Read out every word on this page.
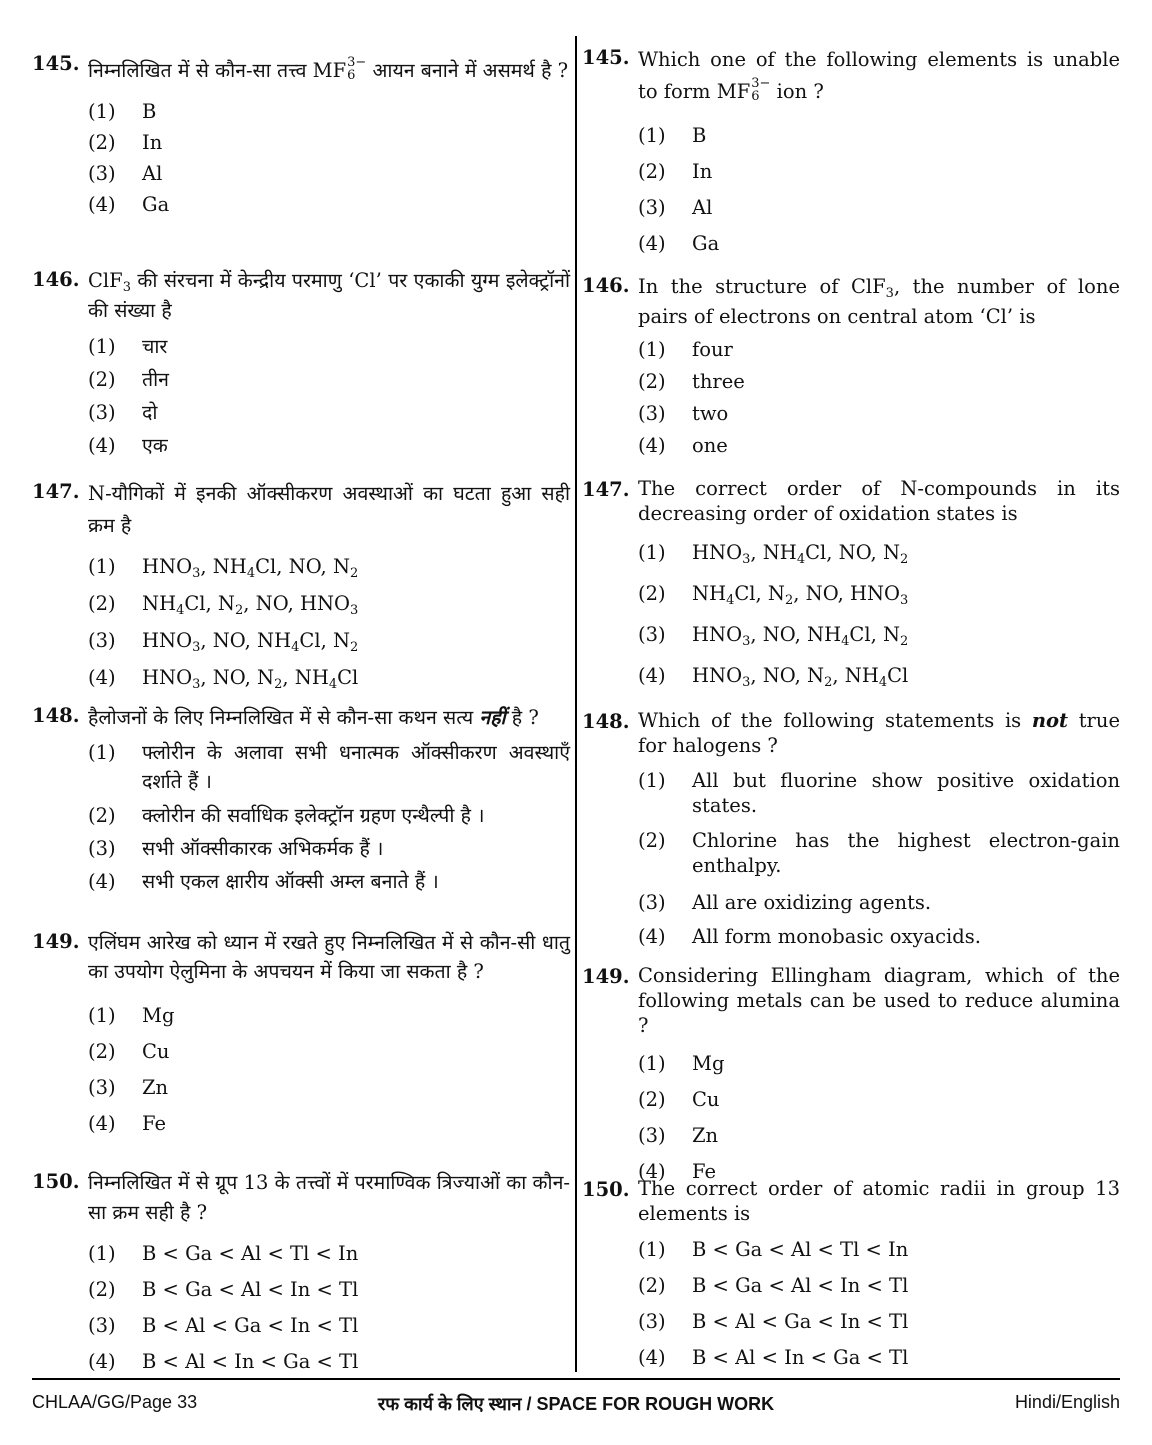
145. निम्नलिखित में से कौन-सा तत्त्व MF 3−
6 आयन बनाने में असमर्थ है ?
(1)	B
(2)	In
(3)	Al
(4)	Ga
146. ClF$_3$ की संरचना में केन्द्रीय परमाणु ‘Cl’ पर एकाकी युग्म इलेक्ट्रॉनों की संख्या है
(1)	चार
(2)	तीन
(3)	दो
(4)	एक
147. N-यौगिकों में इनकी ऑक्सीकरण अवस्थाओं का घटता हुआ सही क्रम है
(1)	$HNO_3$, $NH_4Cl$, NO, $N_2$
(2)	$NH_4Cl$, $N_2$, NO, $HNO_3$
(3)	$HNO_3$, NO, $NH_4Cl$, $N_2$
(4)	$HNO_3$, NO, $N_2$, $NH_4Cl$
148. हैलोजनों के लिए निम्नलिखित में से कौन-सा कथन सत्य नहीं है ?
(1)	फ्लोरीन के अलावा सभी धनात्मक ऑक्सीकरण अवस्थाएँ दर्शाते हैं ।
(2)	क्लोरीन की सर्वाधिक इलेक्ट्रॉन ग्रहण एन्थैल्पी है ।
(3)	सभी ऑक्सीकारक अभिकर्मक हैं ।
(4)	सभी एकल क्षारीय ऑक्सी अम्ल बनाते हैं ।
149. एलिंघम आरेख को ध्यान में रखते हुए निम्नलिखित में से कौन-सी धातु का उपयोग ऐलुमिना के अपचयन में किया जा सकता है ?
(1)	Mg
(2)	Cu
(3)	Zn
(4)	Fe
150. निम्नलिखित में से ग्रूप 13 के तत्त्वों में परमाण्विक त्रिज्याओं का कौन-सा क्रम सही है ?
(1)	B < Ga < Al < Tl < In
(2)	B < Ga < Al < In < Tl
(3)	B < Al < Ga < In < Tl
(4)	B < Al < In < Ga < Tl
145. Which one of the following elements is unable to form MF 3−
6 ion ?
(1)	B
(2)	In
(3)	Al
(4)	Ga
146. In the structure of ClF$_3$, the number of lone pairs of electrons on central atom ‘Cl’ is
(1)	four
(2)	three
(3)	two
(4)	one
147. The correct order of N-compounds in its decreasing order of oxidation states is
(1)	$HNO_3$, $NH_4Cl$, NO, $N_2$
(2)	$NH_4Cl$, $N_2$, NO, $HNO_3$
(3)	$HNO_3$, NO, $NH_4Cl$, $N_2$
(4)	$HNO_3$, NO, $N_2$, $NH_4Cl$
148. Which of the following statements is not true for halogens ?
(1)	All but fluorine show positive oxidation states.
(2)	Chlorine has the highest electron-gain enthalpy.
(3)	All are oxidizing agents.
(4)	All form monobasic oxyacids.
149. Considering Ellingham diagram, which of the following metals can be used to reduce alumina ?
(1)	Mg
(2)	Cu
(3)	Zn
(4)	Fe
150. The correct order of atomic radii in group 13 elements is
(1)	B < Ga < Al < Tl < In
(2)	B < Ga < Al < In < Tl
(3)	B < Al < Ga < In < Tl
(4)	B < Al < In < Ga < Tl
CHLAA/GG/Page 33	रफ कार्य के लिए स्थान / SPACE FOR ROUGH WORK	Hindi/English
